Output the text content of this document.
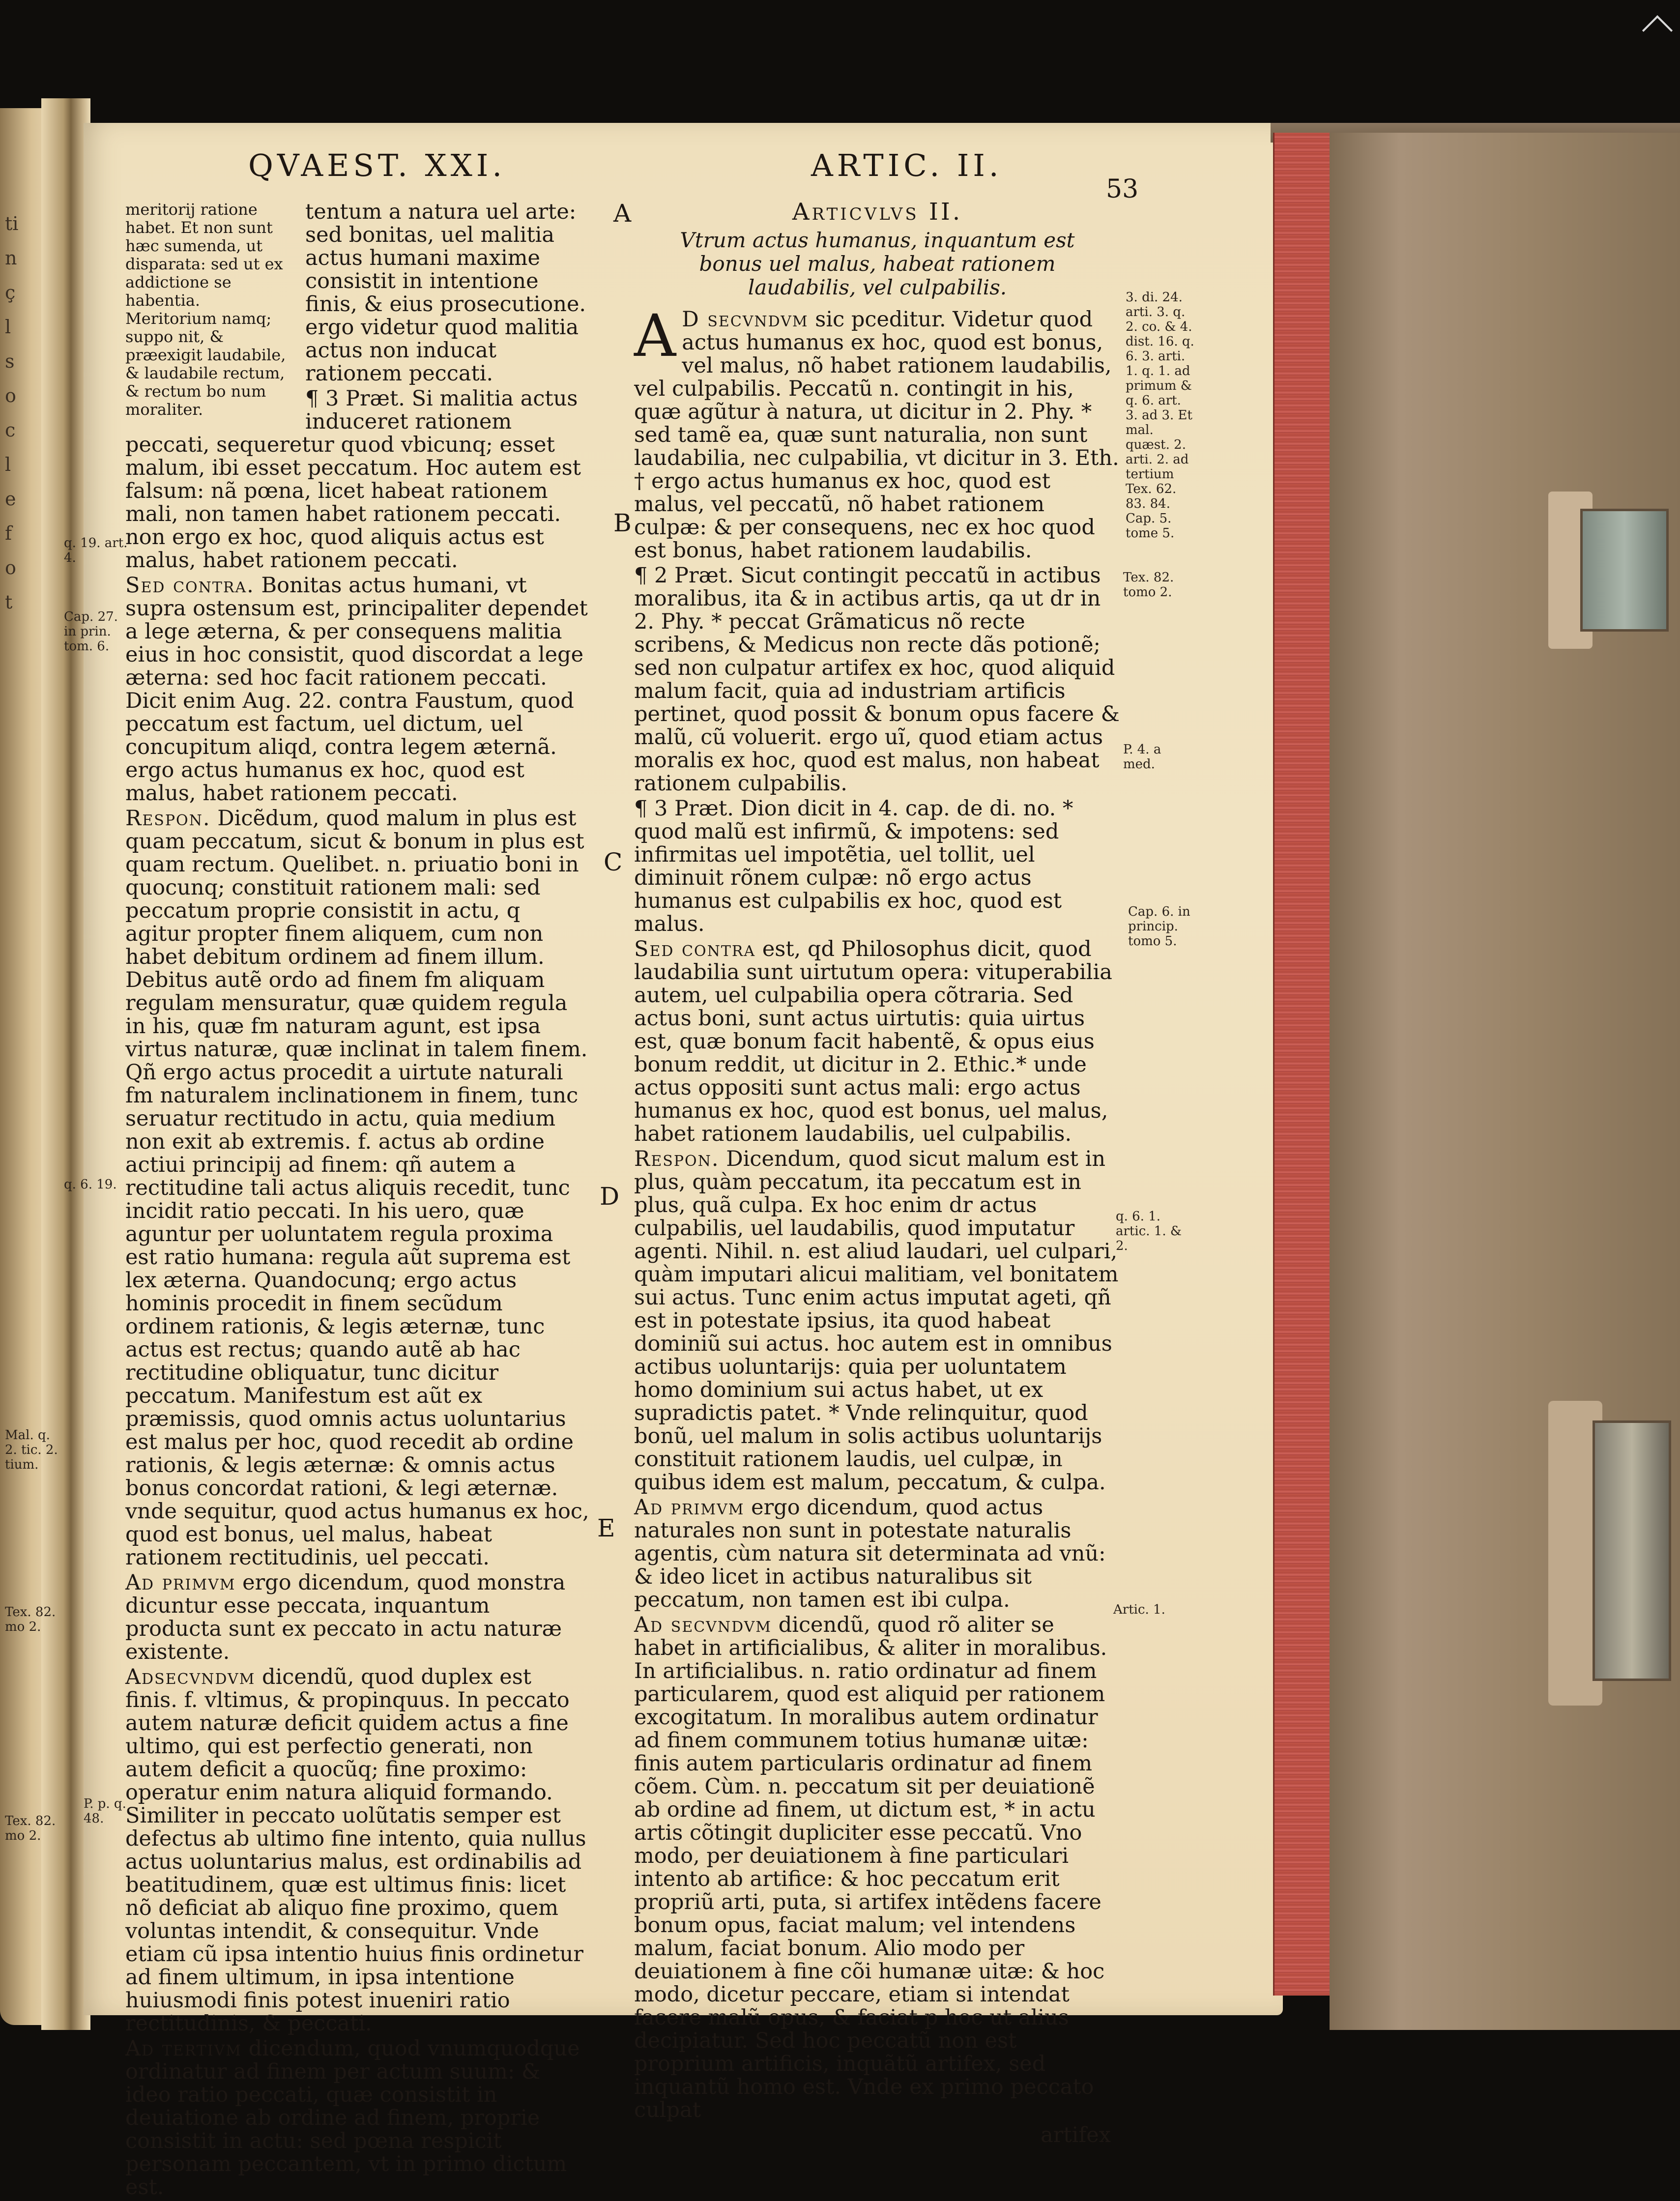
ti
n
ç
l
s
o
c
l
e
f
o
t
QVAEST. XXI.	ARTIC. II.
53
A
B
C
D
E
q. 19. art. 4.
Cap. 27. in prin. tom. 6.
q. 6. 19.
Mal. q. 2. tic. 2. tium.
Tex. 82. mo 2.
P. p. q. 48.
Tex. 82. mo 2.
3. di. 24. arti. 3. q. 2. co. & 4. dist. 16. q. 6. 3. arti. 1. q. 1. ad primum & q. 6. art. 3. ad 3. Et mal. quæst. 2. arti. 2. ad tertium Tex. 62. 83. 84. Cap. 5. tome 5.
Tex. 82. tomo 2.
P. 4. a med.
Cap. 6. in princip. tomo 5.
q. 6. 1. artic. 1. & 2.
Artic. 1.

meritorij ratione habet. Et non sunt hæc sumenda, ut disparata: sed ut ex addictione se habentia. Meritorium namq; suppo nit, & præexigit laudabile, & laudabile rectum, & rectum bo num moraliter.
tentum a natura uel arte: sed bonitas, uel malitia actus humani maxime consistit in intentione finis, & eius prosecutione. ergo videtur quod malitia actus non inducat rationem peccati.

¶ 3 Præt. Si malitia actus induceret rationem peccati, sequeretur quod vbicunq; esset malum, ibi esset peccatum. Hoc autem est falsum: nã pœna, licet habeat rationem mali, non tamen habet rationem peccati. non ergo ex hoc, quod aliquis actus est malus, habet rationem peccati.

Sed contra. Bonitas actus humani, vt supra ostensum est, principaliter dependet a lege æterna, & per consequens malitia eius in hoc consistit, quod discordat a lege æterna: sed hoc facit rationem peccati. Dicit enim Aug. 22. contra Faustum, quod peccatum est factum, uel dictum, uel concupitum aliqd, contra legem æternã. ergo actus humanus ex hoc, quod est malus, habet rationem peccati.

Respon. Dicẽdum, quod malum in plus est quam peccatum, sicut & bonum in plus est quam rectum. Quelibet. n. priuatio boni in quocunq; constituit rationem mali: sed peccatum proprie consistit in actu, q agitur propter finem aliquem, cum non habet debitum ordinem ad finem illum. Debitus autẽ ordo ad finem fm aliquam regulam mensuratur, quæ quidem regula in his, quæ fm naturam agunt, est ipsa virtus naturæ, quæ inclinat in talem finem. Qñ ergo actus procedit a uirtute naturali fm naturalem inclinationem in finem, tunc seruatur rectitudo in actu, quia medium non exit ab extremis. f. actus ab ordine actiui principij ad finem: qñ autem a rectitudine tali actus aliquis recedit, tunc incidit ratio peccati. In his uero, quæ aguntur per uoluntatem regula proxima est ratio humana: regula aũt suprema est lex æterna. Quandocunq; ergo actus hominis procedit in finem secũdum ordinem rationis, & legis æternæ, tunc actus est rectus; quando autẽ ab hac rectitudine obliquatur, tunc dicitur peccatum. Manifestum est aũt ex præmissis, quod omnis actus uoluntarius est malus per hoc, quod recedit ab ordine rationis, & legis æternæ: & omnis actus bonus concordat rationi, & legi æternæ. vnde sequitur, quod actus humanus ex hoc, quod est bonus, uel malus, habeat rationem rectitudinis, uel peccati.

Ad primvm ergo dicendum, quod monstra dicuntur esse peccata, inquantum producta sunt ex peccato in actu naturæ existente.

Adsecvndvm dicendũ, quod duplex est finis. f. vltimus, & propinquus. In peccato autem naturæ deficit quidem actus a fine ultimo, qui est perfectio generati, non autem deficit a quocũq; fine proximo: operatur enim natura aliquid formando. Similiter in peccato uolũtatis semper est defectus ab ultimo fine intento, quia nullus actus uoluntarius malus, est ordinabilis ad beatitudinem, quæ est ultimus finis: licet nõ deficiat ab aliquo fine proximo, quem voluntas intendit, & consequitur. Vnde etiam cũ ipsa intentio huius finis ordinetur ad finem ultimum, in ipsa intentione huiusmodi finis potest inueniri ratio rectitudinis, & peccati.

Ad tertivm dicendum, quod vnumquodque ordinatur ad finem per actum suum: & ideo ratio peccati, quæ consistit in deuiatione ab ordine ad finem, proprie consistit in actu: sed pœna respicit personam peccantem, vt in primo dictum est.

Articvlvs II.
Vtrum actus humanus, inquantum est bonus uel malus, habeat rationem laudabilis, vel culpabilis.

A D secvndvm sic pceditur. Videtur quod actus humanus ex hoc, quod est bonus, vel malus, nõ habet rationem laudabilis, vel culpabilis. Peccatũ n. contingit in his, quæ agũtur à natura, ut dicitur in 2. Phy. * sed tamẽ ea, quæ sunt naturalia, non sunt laudabilia, nec culpabilia, vt dicitur in 3. Eth. † ergo actus humanus ex hoc, quod est malus, vel peccatũ, nõ habet rationem culpæ: & per consequens, nec ex hoc quod est bonus, habet rationem laudabilis.

¶ 2 Præt. Sicut contingit peccatũ in actibus moralibus, ita & in actibus artis, qa ut dr in 2. Phy. * peccat Grãmaticus nõ recte scribens, & Medicus non recte dãs potionẽ; sed non culpatur artifex ex hoc, quod aliquid malum facit, quia ad industriam artificis pertinet, quod possit & bonum opus facere & malũ, cũ voluerit. ergo uĩ, quod etiam actus moralis ex hoc, quod est malus, non habeat rationem culpabilis.

¶ 3 Præt. Dion dicit in 4. cap. de di. no. * quod malũ est infirmũ, & impotens: sed infirmitas uel impotẽtia, uel tollit, uel diminuit rõnem culpæ: nõ ergo actus humanus est culpabilis ex hoc, quod est malus.

Sed contra est, qd Philosophus dicit, quod laudabilia sunt uirtutum opera: vituperabilia autem, uel culpabilia opera cõtraria. Sed actus boni, sunt actus uirtutis: quia uirtus est, quæ bonum facit habentẽ, & opus eius bonum reddit, ut dicitur in 2. Ethic.* unde actus oppositi sunt actus mali: ergo actus humanus ex hoc, quod est bonus, uel malus, habet rationem laudabilis, uel culpabilis.

Respon. Dicendum, quod sicut malum est in plus, quàm peccatum, ita peccatum est in plus, quã culpa. Ex hoc enim dr actus culpabilis, uel laudabilis, quod imputatur agenti. Nihil. n. est aliud laudari, uel culpari, quàm imputari alicui malitiam, vel bonitatem sui actus. Tunc enim actus imputat ageti, qñ est in potestate ipsius, ita quod habeat dominiũ sui actus. hoc autem est in omnibus actibus uoluntarijs: quia per uoluntatem homo dominium sui actus habet, ut ex supradictis patet. * Vnde relinquitur, quod bonũ, uel malum in solis actibus uoluntarijs constituit rationem laudis, uel culpæ, in quibus idem est malum, peccatum, & culpa.

Ad primvm ergo dicendum, quod actus naturales non sunt in potestate naturalis agentis, cùm natura sit determinata ad vnũ: & ideo licet in actibus naturalibus sit peccatum, non tamen est ibi culpa.

Ad secvndvm dicendũ, quod rõ aliter se habet in artificialibus, & aliter in moralibus. In artificialibus. n. ratio ordinatur ad finem particularem, quod est aliquid per rationem excogitatum. In moralibus autem ordinatur ad finem communem totius humanæ uitæ: finis autem particularis ordinatur ad finem cõem. Cùm. n. peccatum sit per deuiationẽ ab ordine ad finem, ut dictum est, * in actu artis cõtingit dupliciter esse peccatũ. Vno modo, per deuiationem à fine particulari intento ab artifice: & hoc peccatum erit propriũ arti, puta, si artifex intẽdens facere bonum opus, faciat malum; vel intendens malum, faciat bonum. Alio modo per deuiationem à fine cõi humanæ uitæ: & hoc modo, dicetur peccare, etiam si intendat facere malũ opus, & faciat p hoc ut alius decipiatur. Sed hoc peccatũ non est proprium artificis, inquãtũ artifex, sed inquantũ homo est. Vnde ex primo peccato culpat

artifex
